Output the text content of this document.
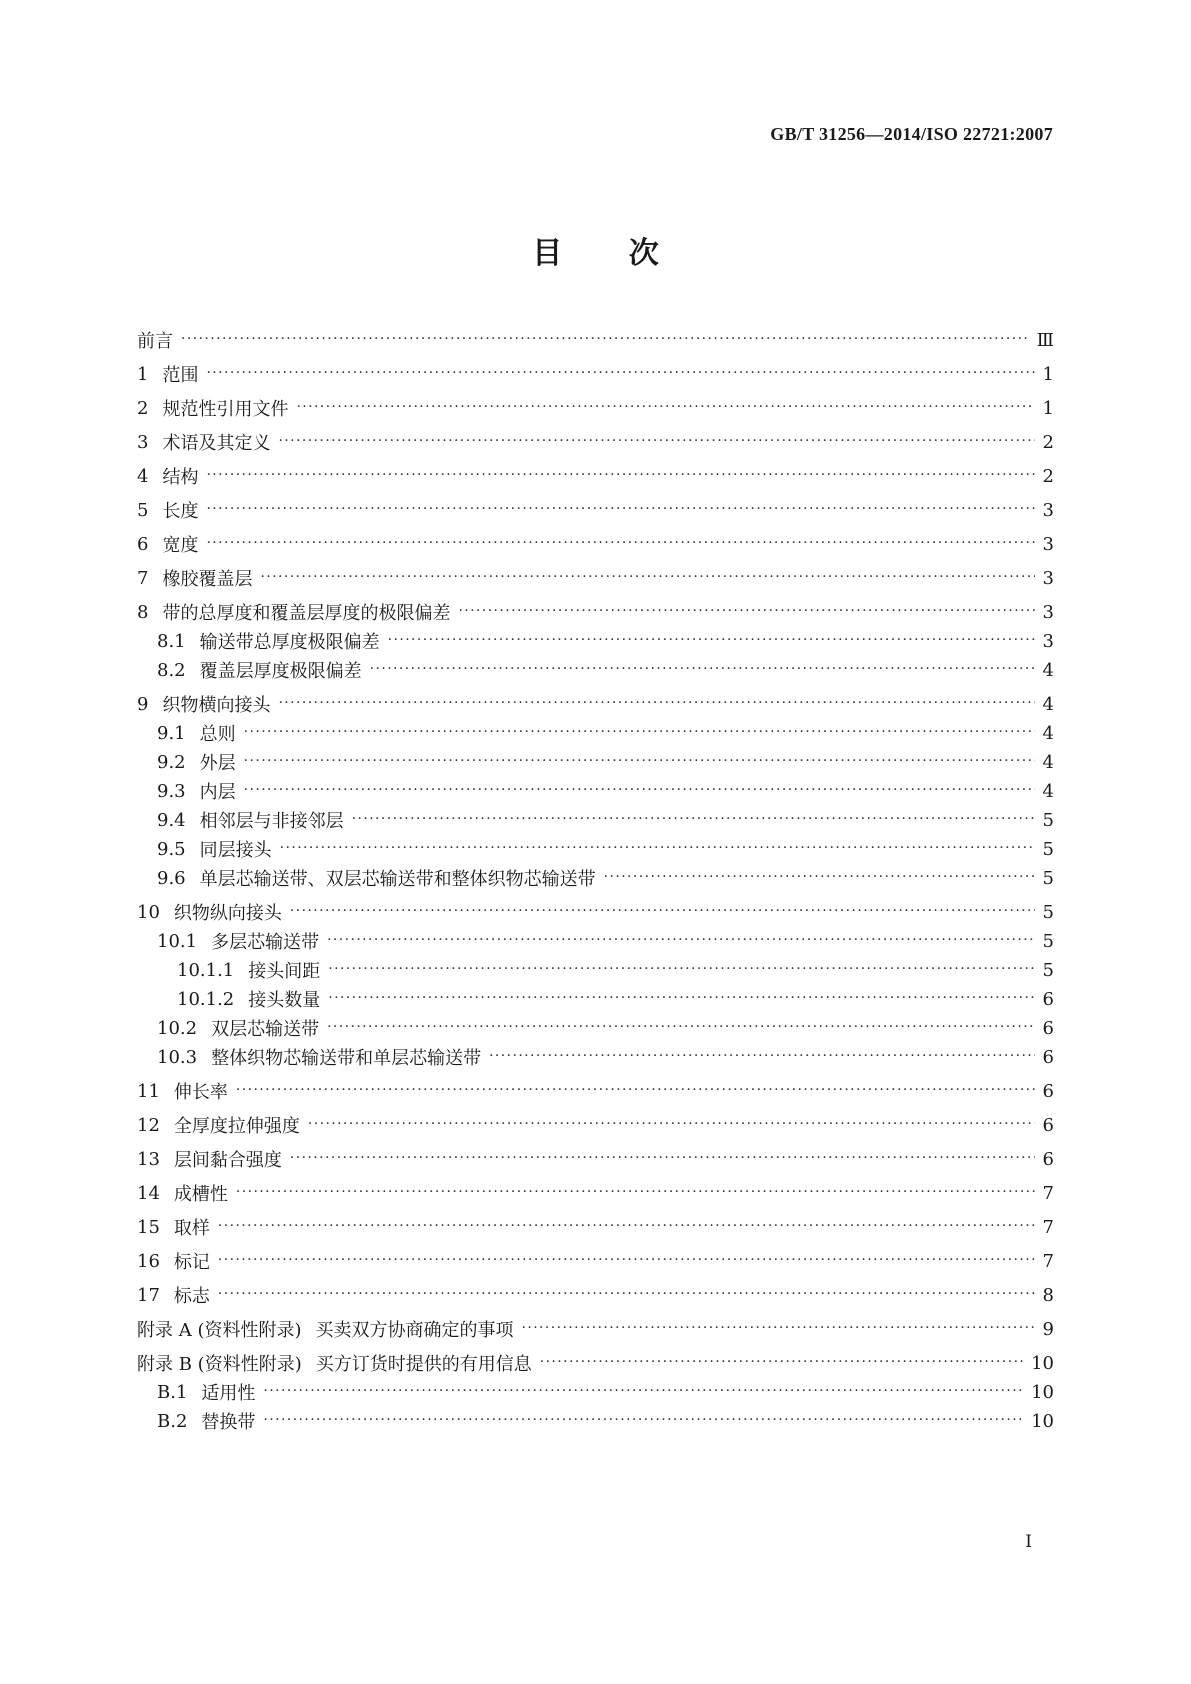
GB/T 31256—2014/ISO 22721:2007
目 次
前言 ·····	Ⅲ
1 范围 ·····	1
2 规范性引用文件 ·····	1
3 术语及其定义 ·····	2
4 结构 ·····	2
5 长度 ·····	3
6 宽度 ·····	3
7 橡胶覆盖层 ·····	3
8 带的总厚度和覆盖层厚度的极限偏差 ·····	3
8.1 输送带总厚度极限偏差 ·····	3
8.2 覆盖层厚度极限偏差 ·····	4
9 织物横向接头 ·····	4
9.1 总则 ·····	4
9.2 外层 ·····	4
9.3 内层 ·····	4
9.4 相邻层与非接邻层 ·····	5
9.5 同层接头 ·····	5
9.6 单层芯输送带、双层芯输送带和整体织物芯输送带 ·····	5
10 织物纵向接头 ·····	5
10.1 多层芯输送带 ·····	5
10.1.1 接头间距 ·····	5
10.1.2 接头数量 ·····	6
10.2 双层芯输送带 ·····	6
10.3 整体织物芯输送带和单层芯输送带 ·····	6
11 伸长率 ·····	6
12 全厚度拉伸强度 ·····	6
13 层间黏合强度 ·····	6
14 成槽性 ·····	7
15 取样 ·····	7
16 标记 ·····	7
17 标志 ·····	8
附录 A (资料性附录) 买卖双方协商确定的事项 ·····	9
附录 B (资料性附录) 买方订货时提供的有用信息 ·····	10
B.1 适用性 ·····	10
B.2 替换带 ·····	10
I
